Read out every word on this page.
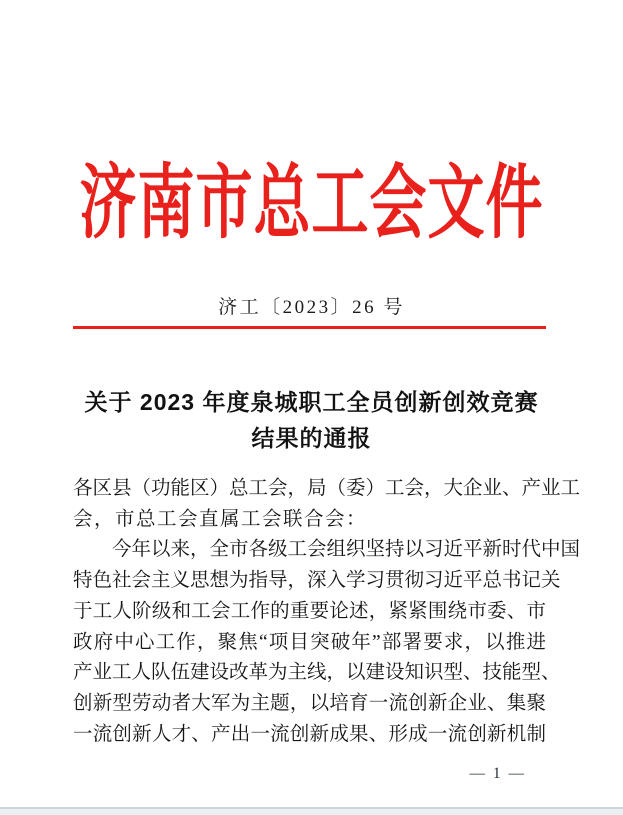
济南市总工会文件
济工〔2023〕26 号
关于 2023 年度泉城职工全员创新创效竞赛
结果的通报
各区县（功能区）总工会，局（委）工会，大企业、产业工
会，市总工会直属工会联合会：
今年以来，全市各级工会组织坚持以习近平新时代中国
特色社会主义思想为指导，深入学习贯彻习近平总书记关
于工人阶级和工会工作的重要论述，紧紧围绕市委、市
政府中心工作，聚焦“项目突破年”部署要求，以推进
产业工人队伍建设改革为主线，以建设知识型、技能型、
创新型劳动者大军为主题，以培育一流创新企业、集聚
一流创新人才、产出一流创新成果、形成一流创新机制
— 1 —
